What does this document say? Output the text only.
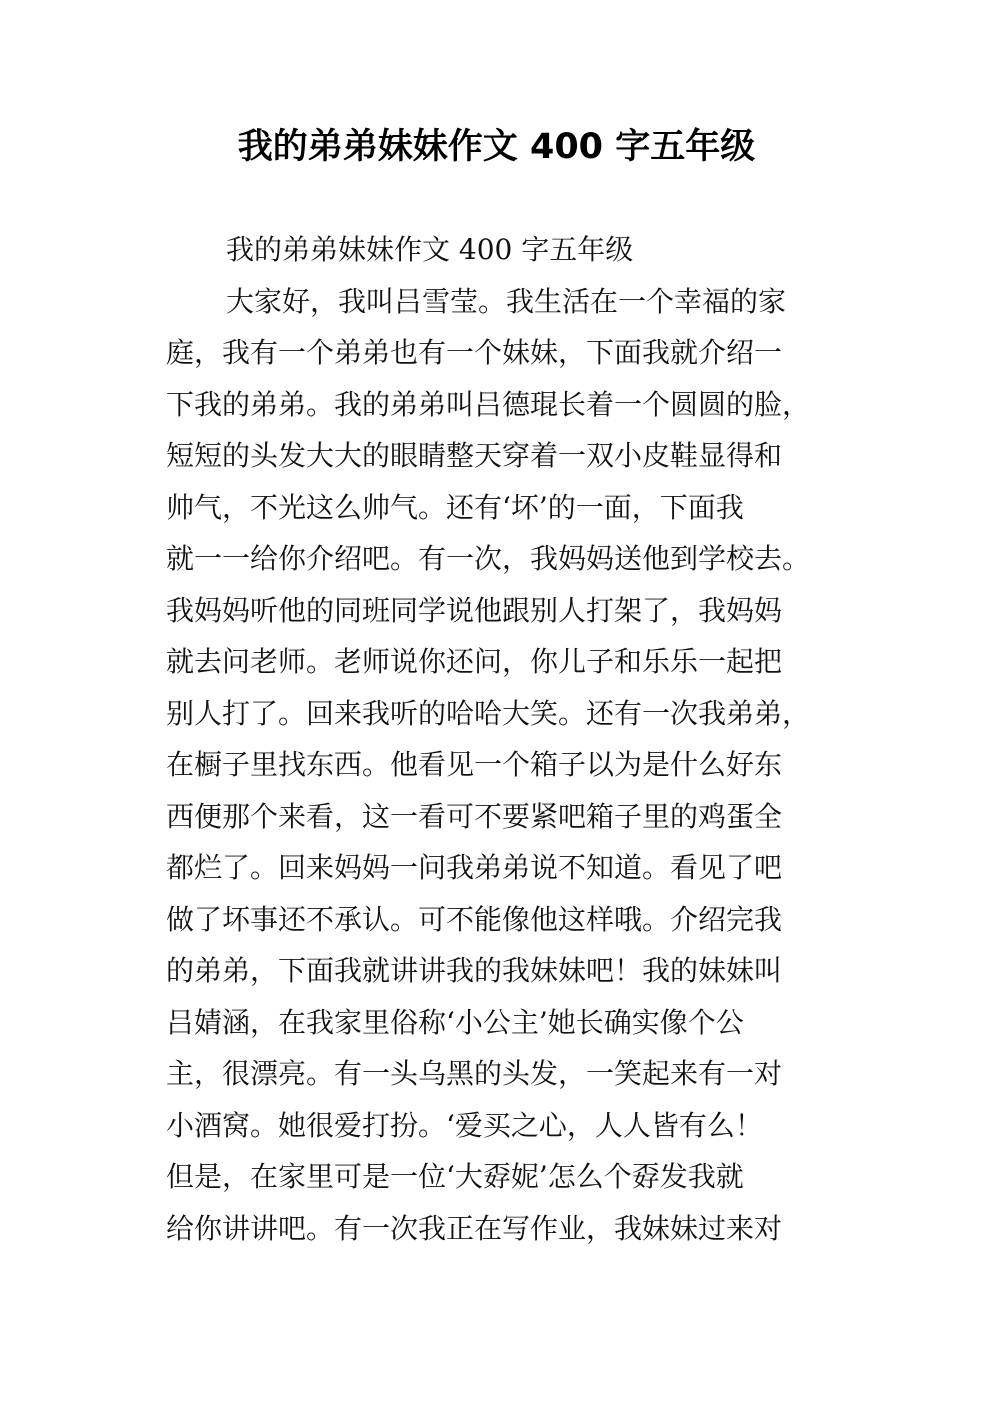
我的弟弟妹妹作文 400 字五年级
我的弟弟妹妹作文 400 字五年级
大家好，我叫吕雪莹。我生活在一个幸福的家
庭，我有一个弟弟也有一个妹妹，下面我就介绍一
下我的弟弟。我的弟弟叫吕德琨长着一个圆圆的脸，
短短的头发大大的眼睛整天穿着一双小皮鞋显得和
帅气，不光这么帅气。还有‘坏’的一面，下面我
就一一给你介绍吧。有一次，我妈妈送他到学校去。
我妈妈听他的同班同学说他跟别人打架了，我妈妈
就去问老师。老师说你还问，你儿子和乐乐一起把
别人打了。回来我听的哈哈大笑。还有一次我弟弟，
在橱子里找东西。他看见一个箱子以为是什么好东
西便那个来看，这一看可不要紧吧箱子里的鸡蛋全
都烂了。回来妈妈一问我弟弟说不知道。看见了吧
做了坏事还不承认。可不能像他这样哦。介绍完我
的弟弟，下面我就讲讲我的我妹妹吧！我的妹妹叫
吕婧涵，在我家里俗称‘小公主’她长确实像个公
主，很漂亮。有一头乌黑的头发，一笑起来有一对
小酒窝。她很爱打扮。‘爱买之心，人人皆有么！
但是，在家里可是一位‘大孬妮’怎么个孬发我就
给你讲讲吧。有一次我正在写作业，我妹妹过来对
